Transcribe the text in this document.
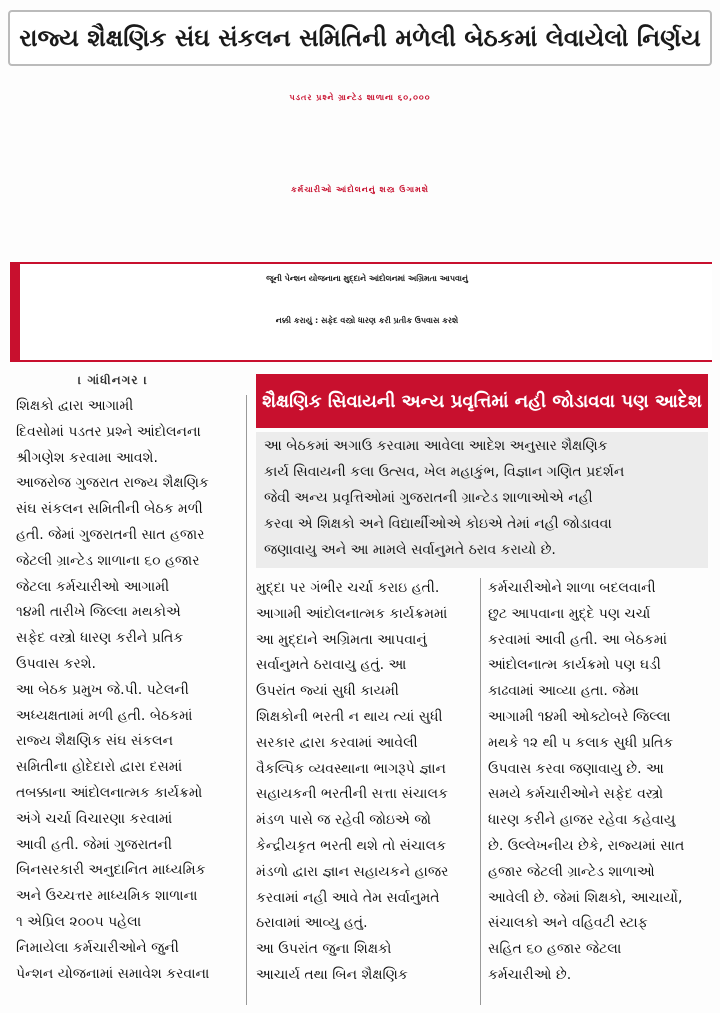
રાજ્ય શૈક્ષણિક સંઘ સંકલન સમિતિની મળેલી બેઠકમાં લેવાયેલો નિર્ણય
પડતર પ્રશ્ને ગ્રાન્ટેડ શાળાના ૬૦,૦૦૦
કર્મચારીઓ આંદોલનનું શસ્ત્ર ઉગામશે
જૂની પેન્શન યોજનાના મુદ્દાને આંદોલનમાં અગ્રિમતા આપવાનું
નક્કી કરાયું : સફેદ વસ્ત્રો ધારણ કરી પ્રતીક ઉપવાસ કરશે
। ગાંધીનગર ।
શૈક્ષણિક સિવાયની અન્ય પ્રવૃત્તિમાં નહી જોડાવવા પણ આદેશ
આ બેઠકમાં અગાઉ કરવામા આવેલા આદેશ અનુસાર શૈક્ષણિક
કાર્ય સિવાયની કલા ઉત્સવ, ખેલ મહાકુંભ, વિજ્ઞાન ગણિત પ્રદર્શન
જેવી અન્ય પ્રવૃત્તિઓમાં ગુજરાતની ગ્રાન્ટેડ શાળાઓએ નહી
કરવા એ શિક્ષકો અને વિદ્યાર્થીઓએ કોઇએ તેમાં નહી જોડાવવા
જણાવાયુ અને આ મામલે સર્વાનુમતે ઠરાવ કરાયો છે.
શિક્ષકો દ્વારા આગામી
દિવસોમાં પડતર પ્રશ્ને આંદોલનના
શ્રીગણેશ કરવામા આવશે.
આજરોજ ગુજરાત રાજ્ય શૈક્ષણિક
સંઘ સંકલન સમિતીની બેઠક મળી
હતી. જેમાં ગુજરાતની સાત હજાર
જેટલી ગ્રાન્ટેડ શાળાના ૬૦ હજાર
જેટલા કર્મચારીઓ આગામી
૧૪મી તારીખે જિલ્લા મથકોએ
સફેદ વસ્ત્રો ધારણ કરીને પ્રતિક
ઉપવાસ કરશે.
આ બેઠક પ્રમુખ જે.પી. પટેલની
અધ્યક્ષતામાં મળી હતી. બેઠકમાં
રાજ્ય શૈક્ષણિક સંઘ સંકલન
સમિતીના હોદેદારો દ્વારા દસમાં
તબક્કાના આંદોલનાત્મક કાર્યક્રમો
અંગે ચર્ચા વિચારણા કરવામાં
આવી હતી. જેમાં ગુજરાતની
બિનસરકારી અનુદાનિત માધ્યમિક
અને ઉચ્ચત્તર માધ્યમિક શાળાના
૧ એપ્રિલ ૨૦૦૫ પહેલા
નિમાયેલા કર્મચારીઓને જુની
પેન્શન યોજનામાં સમાવેશ કરવાના
મુદ્દા પર ગંભીર ચર્ચા કરાઇ હતી.
આગામી આંદોલનાત્મક કાર્યક્રમમાં
આ મુદ્દાને અગ્રિમતા આપવાનું
સર્વાનુમતે ઠરાવાયુ હતું. આ
ઉપરાંત જ્યાં સુધી કાયમી
શિક્ષકોની ભરતી ન થાય ત્યાં સુધી
સરકાર દ્વારા કરવામાં આવેલી
વૈકલ્પિક વ્યવસ્થાના ભાગરૂપે જ્ઞાન
સહાયકની ભરતીની સત્તા સંચાલક
મંડળ પાસે જ રહેવી જોઇએ જો
કેન્દ્રીયકૃત ભરતી થશે તો સંચાલક
મંડળો દ્વારા જ્ઞાન સહાયકને હાજર
કરવામાં નહી આવે તેમ સર્વાનુમતે
ઠરાવામાં આવ્યુ હતું.
આ ઉપરાંત જુના શિક્ષકો
આચાર્ય તથા બિન શૈક્ષણિક
કર્મચારીઓને શાળા બદલવાની
છુટ આપવાના મુદ્દે પણ ચર્ચા
કરવામાં આવી હતી. આ બેઠકમાં
આંદોલનાત્મ કાર્યક્રમો પણ ઘડી
કાઢવામાં આવ્યા હતા. જેમા
આગામી ૧૪મી ઓક્ટોબરે જિલ્લા
મથકે ૧૨ થી ૫ કલાક સુધી પ્રતિક
ઉપવાસ કરવા જણાવાયુ છે. આ
સમયે કર્મચારીઓને સફેદ વસ્ત્રો
ધારણ કરીને હાજર રહેવા કહેવાયુ
છે. ઉલ્લેખનીય છેકે, રાજ્યમાં સાત
હજાર જેટલી ગ્રાન્ટેડ શાળાઓ
આવેલી છે. જેમાં શિક્ષકો, આચાર્યો,
સંચાલકો અને વહિવટી સ્ટાફ
સહિત ૬૦ હજાર જેટલા
કર્મચારીઓ છે.
